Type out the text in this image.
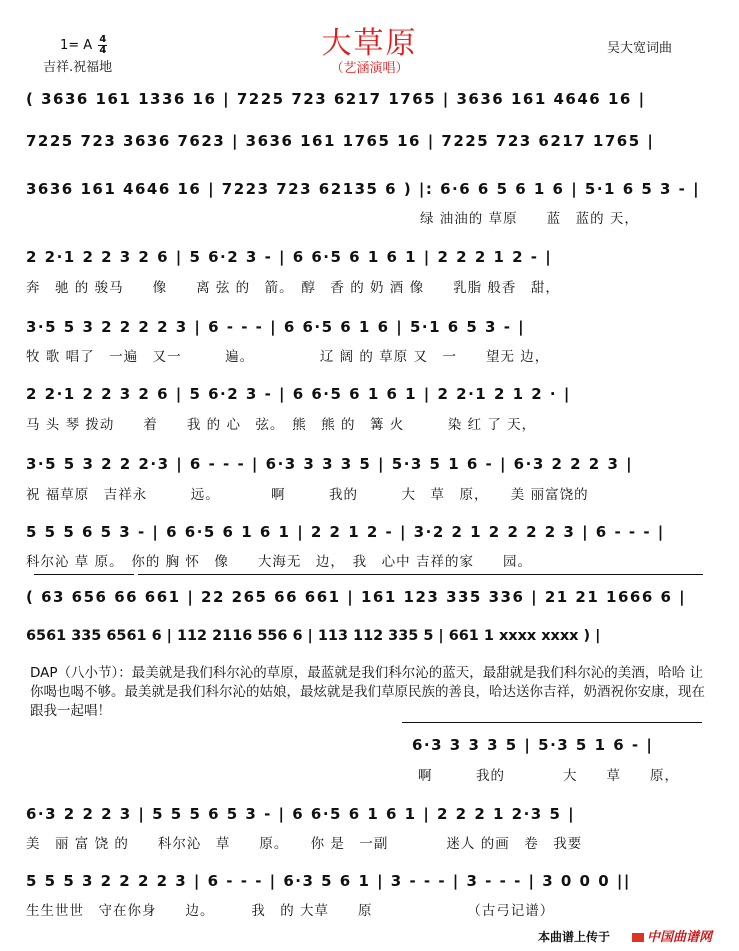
大草原
（艺涵演唱）
1= A $\frac{4}{4}$
吉祥.祝福地
吴大宽词曲
( 3636 161 1336 16 | 7225 723 6217 1765 | 3636 161 4646 16 |
7225 723 3636 7623 | 3636 161 1765 16 | 7225 723 6217 1765 |
3636 161 4646 16 | 7223 723 62135 6 ) |: 6·6 6 5 6 1 6 | 5·1 6 5 3 - |
绿 油油的 草原　　蓝　蓝的 天，
2 2·1 2 2 3 2 6 | 5 6·2 3 - | 6 6·5 6 1 6 1 | 2 2 2 1 2 - |
奔　驰 的 骏马　　像　　离 弦 的　箭。　醇　香 的 奶 酒 像　　乳脂 般香　甜，
3·5 5 3 2 2 2 2 3 | 6 - - - | 6 6·5 6 1 6 | 5·1 6 5 3 - |
牧 歌 唱了　一遍　又一　　　遍。　　　　　辽 阔 的 草原 又　一　　望无 边，
2 2·1 2 2 3 2 6 | 5 6·2 3 - | 6 6·5 6 1 6 1 | 2 2·1 2 1 2 · |
马 头 琴 拨动　　着　　我 的 心　弦。　熊　熊 的　篝 火　　　染 红 了 天，
3·5 5 3 2 2 2·3 | 6 - - - | 6·3 3 3 3 5 | 5·3 5 1 6 - | 6·3 2 2 2 3 |
祝 福草原　吉祥永　　　远。　　　　啊　　　我的　　　大　草　原，　　美 丽富饶的
5 5 5 6 5 3 - | 6 6·5 6 1 6 1 | 2 2 1 2 - | 3·2 2 1 2 2 2 2 3 | 6 - - - |
科尔沁 草 原。　你的 胸 怀　像　　大海无　边，　我　心中 吉祥的家　　园。
( 63 656 66 661 | 22 265 66 661 | 161 123 335 336 | 21 21 1666 6 |
6561 335 6561 6 | 112 2116 556 6 | 113 112 335 5 | 661 1 xxxx xxxx ) |
DAP（八小节）：最美就是我们科尔沁的草原，最蓝就是我们科尔沁的蓝天，最甜就是我们科尔沁的美酒，哈哈 让你喝也喝不够。最美就是我们科尔沁的姑娘，最炫就是我们草原民族的善良，哈达送你吉祥，奶酒祝你安康，现在 跟我一起唱！
6·3 3 3 3 5 | 5·3 5 1 6 - |
啊　　　我的　　　　大　　草　　原，
6·3 2 2 2 3 | 5 5 5 6 5 3 - | 6 6·5 6 1 6 1 | 2 2 2 1 2·3 5 |
美　丽 富 饶 的　　科尔沁　草　　原。　　你 是　一副　　　　迷人 的画　卷　我要
5 5 5 3 2 2 2 2 3 | 6 - - - | 6·3 5 6 1 | 3 - - - | 3 - - - | 3 0 0 0 ||
生生世世　守在你身　　边。　　　我　的 大草　　原　　　　　　　（古弓记谱）
本曲谱上传于	中国曲谱网
